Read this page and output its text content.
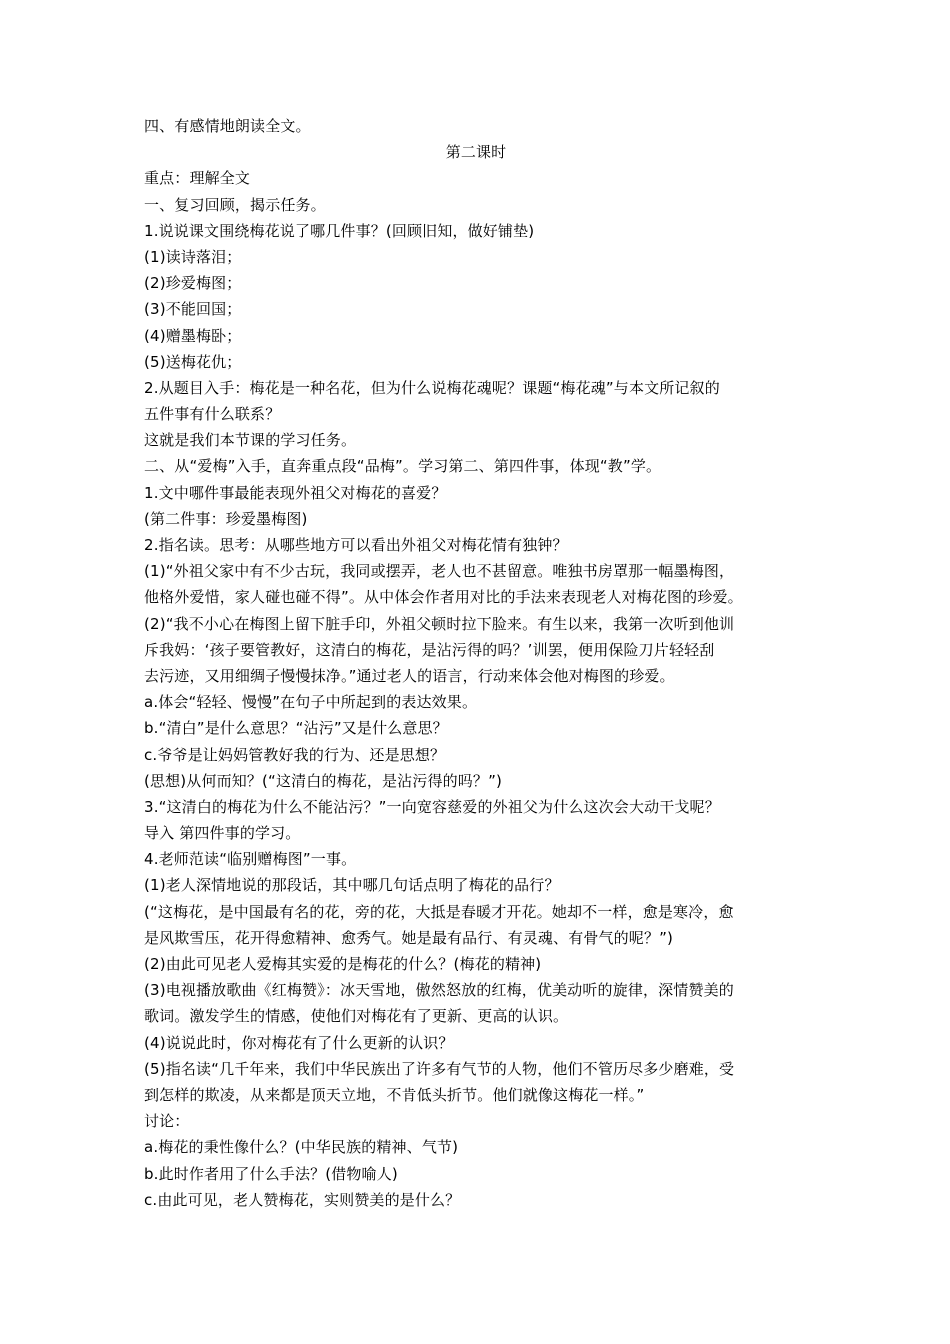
四、有感情地朗读全文。
第二课时
重点：理解全文
一、复习回顾，揭示任务。
1.说说课文围绕梅花说了哪几件事？(回顾旧知，做好铺垫)
(1)读诗落泪；
(2)珍爱梅图；
(3)不能回国；
(4)赠墨梅卧；
(5)送梅花仇；
2.从题目入手：梅花是一种名花，但为什么说梅花魂呢？课题“梅花魂”与本文所记叙的
五件事有什么联系？
这就是我们本节课的学习任务。
二、从“爱梅”入手，直奔重点段“品梅”。学习第二、第四件事，体现“教”学。
1.文中哪件事最能表现外祖父对梅花的喜爱？
(第二件事：珍爱墨梅图)
2.指名读。思考：从哪些地方可以看出外祖父对梅花情有独钟？
(1)“外祖父家中有不少古玩，我同或摆弄，老人也不甚留意。唯独书房罩那一幅墨梅图，
他格外爱惜，家人碰也碰不得”。从中体会作者用对比的手法来表现老人对梅花图的珍爱。
(2)“我不小心在梅图上留下脏手印，外祖父顿时拉下脸来。有生以来，我第一次听到他训
斥我妈：‘孩子要管教好，这清白的梅花，是沾污得的吗？’训罢，便用保险刀片轻轻刮
去污迹，又用细绸子慢慢抹净。”通过老人的语言，行动来体会他对梅图的珍爱。
a.体会“轻轻、慢慢”在句子中所起到的表达效果。
b.“清白”是什么意思？“沾污”又是什么意思？
c.爷爷是让妈妈管教好我的行为、还是思想？
(思想)从何而知？(“这清白的梅花，是沾污得的吗？”)
3.“这清白的梅花为什么不能沾污？”一向宽容慈爱的外祖父为什么这次会大动干戈呢？
导入 第四件事的学习。
4.老师范读“临别赠梅图”一事。
(1)老人深情地说的那段话，其中哪几句话点明了梅花的品行？
(“这梅花，是中国最有名的花，旁的花，大抵是春暖才开花。她却不一样，愈是寒冷，愈
是风欺雪压，花开得愈精神、愈秀气。她是最有品行、有灵魂、有骨气的呢？”)
(2)由此可见老人爱梅其实爱的是梅花的什么？(梅花的精神)
(3)电视播放歌曲《红梅赞》：冰天雪地，傲然怒放的红梅，优美动听的旋律，深情赞美的
歌词。激发学生的情感，使他们对梅花有了更新、更高的认识。
(4)说说此时，你对梅花有了什么更新的认识？
(5)指名读“几千年来，我们中华民族出了许多有气节的人物，他们不管历尽多少磨难，受
到怎样的欺凌，从来都是顶天立地，不肯低头折节。他们就像这梅花一样。”
讨论：
a.梅花的秉性像什么？(中华民族的精神、气节)
b.此时作者用了什么手法？(借物喻人)
c.由此可见，老人赞梅花，实则赞美的是什么？
